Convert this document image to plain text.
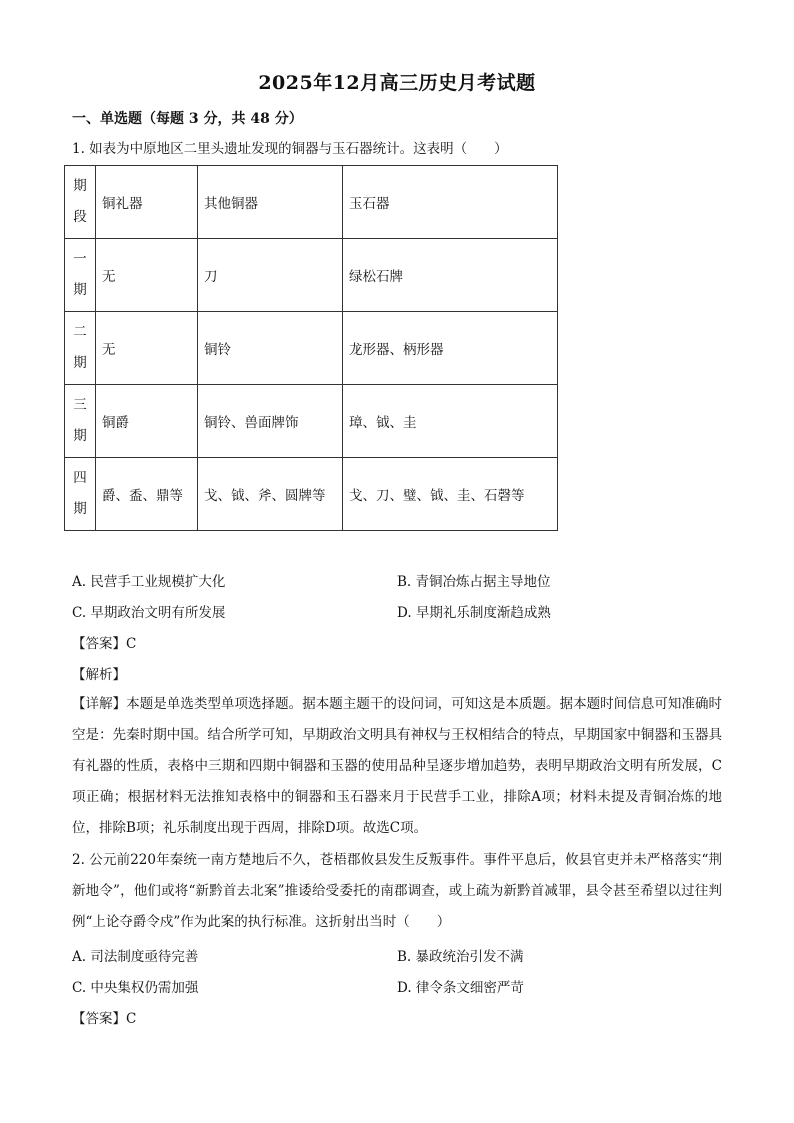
2025年12月高三历史月考试题
一、单选题（每题 3 分，共 48 分）
1. 如表为中原地区二里头遗址发现的铜器与玉石器统计。这表明（　　）
期段	铜礼器	其他铜器	玉石器
一期	无	刀	绿松石牌
二期	无	铜铃	龙形器、柄形器
三期	铜爵	铜铃、兽面牌饰	璋、钺、圭
四期	爵、盉、鼎等	戈、钺、斧、圆牌等	戈、刀、璧、钺、圭、石磬等
A. 民营手工业规模扩大化	B. 青铜冶炼占据主导地位
C. 早期政治文明有所发展	D. 早期礼乐制度渐趋成熟
【答案】C
【解析】
【详解】本题是单选类型单项选择题。据本题主题干的设问词，可知这是本质题。据本题时间信息可知准确时空是：先秦时期中国。结合所学可知，早期政治文明具有神权与王权相结合的特点，早期国家中铜器和玉器具有礼器的性质，表格中三期和四期中铜器和玉器的使用品种呈逐步增加趋势，表明早期政治文明有所发展，C项正确；根据材料无法推知表格中的铜器和玉石器来月于民营手工业，排除A项；材料未提及青铜冶炼的地位，排除B项；礼乐制度出现于西周，排除D项。故选C项。
2. 公元前220年秦统一南方楚地后不久，苍梧郡攸县发生反叛事件。事件平息后，攸县官吏并未严格落实“荆新地令”，他们或将“新黔首去北案”推诿给受委托的南郡调查，或上疏为新黔首减罪，县令甚至希望以过往判例“上论夺爵令戍”作为此案的执行标准。这折射出当时（　　）
A. 司法制度亟待完善	B. 暴政统治引发不满
C. 中央集权仍需加强	D. 律令条文细密严苛
【答案】C
